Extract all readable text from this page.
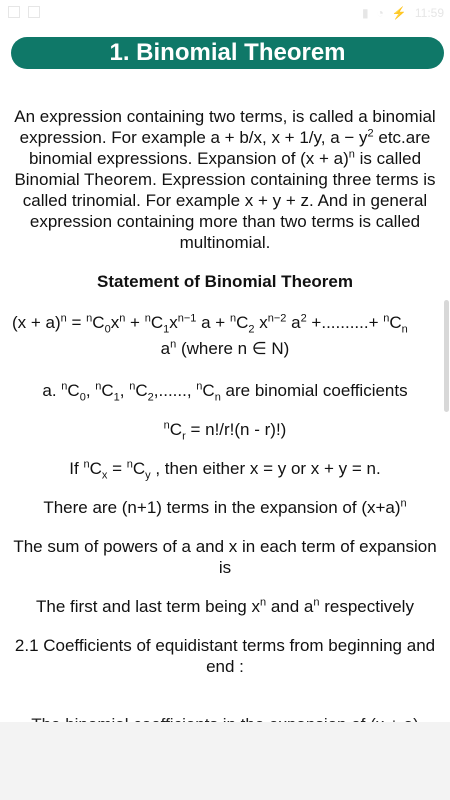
▮ ◔ ⚡ 11:59
1. Binomial Theorem

An expression containing two terms, is called a binomial expression. For example a + b/x, x + 1/y, $a - y^2$ etc.are binomial expressions. Expansion of $(x + a)^n$ is called Binomial Theorem. Expression containing three terms is called trinomial. For example x + y + z. And in general expression containing more than two terms is called multinomial.

Statement of Binomial Theorem

$(x + a)^n = ^nC_0x^n + ^nC_1x^{n-1}$ $a + ^nC_2$ $x^{n-2}$ $a^2$ +..........+ $^nC_n$
$a^n$ (where n ∈ N)

a. $^nC_0$, $^nC_1$, $^nC_2$,......, $^nC_n$ are binomial coefficients

$^nC_r = n!/r!(n - r)$!)

If $^nC_x = ^nC_y$ , then either x = y or x + y = n.

There are (n+1) terms in the expansion of $(x+a)^n$

The sum of powers of a and x in each term of expansion is

The first and last term being $x^n$ and $a^n$ respectively

2.1 Coefficients of equidistant terms from beginning and end :
